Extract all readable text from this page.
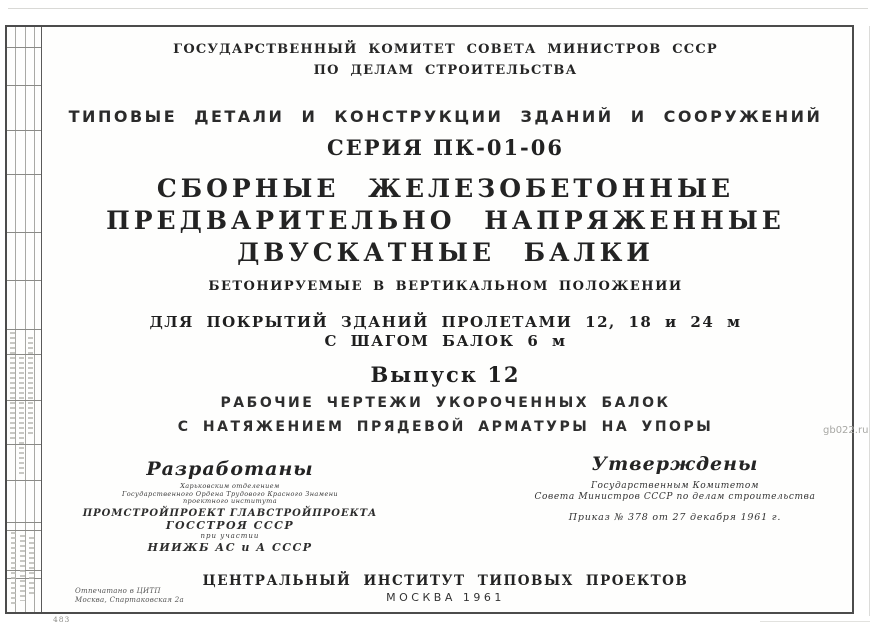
ГОСУДАРСТВЕННЫЙ КОМИТЕТ СОВЕТА МИНИСТРОВ СССР
ПО ДЕЛАМ СТРОИТЕЛЬСТВА
ТИПОВЫЕ ДЕТАЛИ И КОНСТРУКЦИИ ЗДАНИЙ И СООРУЖЕНИЙ
СЕРИЯ ПК-01-06
СБОРНЫЕ ЖЕЛЕЗОБЕТОННЫЕ
ПРЕДВАРИТЕЛЬНО НАПРЯЖЕННЫЕ
ДВУСКАТНЫЕ БАЛКИ
БЕТОНИРУЕМЫЕ В ВЕРТИКАЛЬНОМ ПОЛОЖЕНИИ
ДЛЯ ПОКРЫТИЙ ЗДАНИЙ ПРОЛЕТАМИ 12, 18 и 24 м
С ШАГОМ БАЛОК 6 м
Выпуск 12
РАБОЧИЕ ЧЕРТЕЖИ УКОРОЧЕННЫХ БАЛОК
С НАТЯЖЕНИЕМ ПРЯДЕВОЙ АРМАТУРЫ НА УПОРЫ
Разработаны
Харьковским отделением
Государственного Ордена Трудового Красного Знамени
проектного института
ПРОМСТРОЙПРОЕКТ ГЛАВСТРОЙПРОЕКТА
ГОССТРОЯ СССР
при участии
НИИЖБ АС и А СССР
Утверждены
Государственным Комитетом
Совета Министров СССР по делам строительства
Приказ № 378 от 27 декабря 1961 г.
ЦЕНТРАЛЬНЫЙ ИНСТИТУТ ТИПОВЫХ ПРОЕКТОВ
МОСКВА 1961
Отпечатано в ЦИТП
Москва, Спартаковская 2а
483
gb022.ru
